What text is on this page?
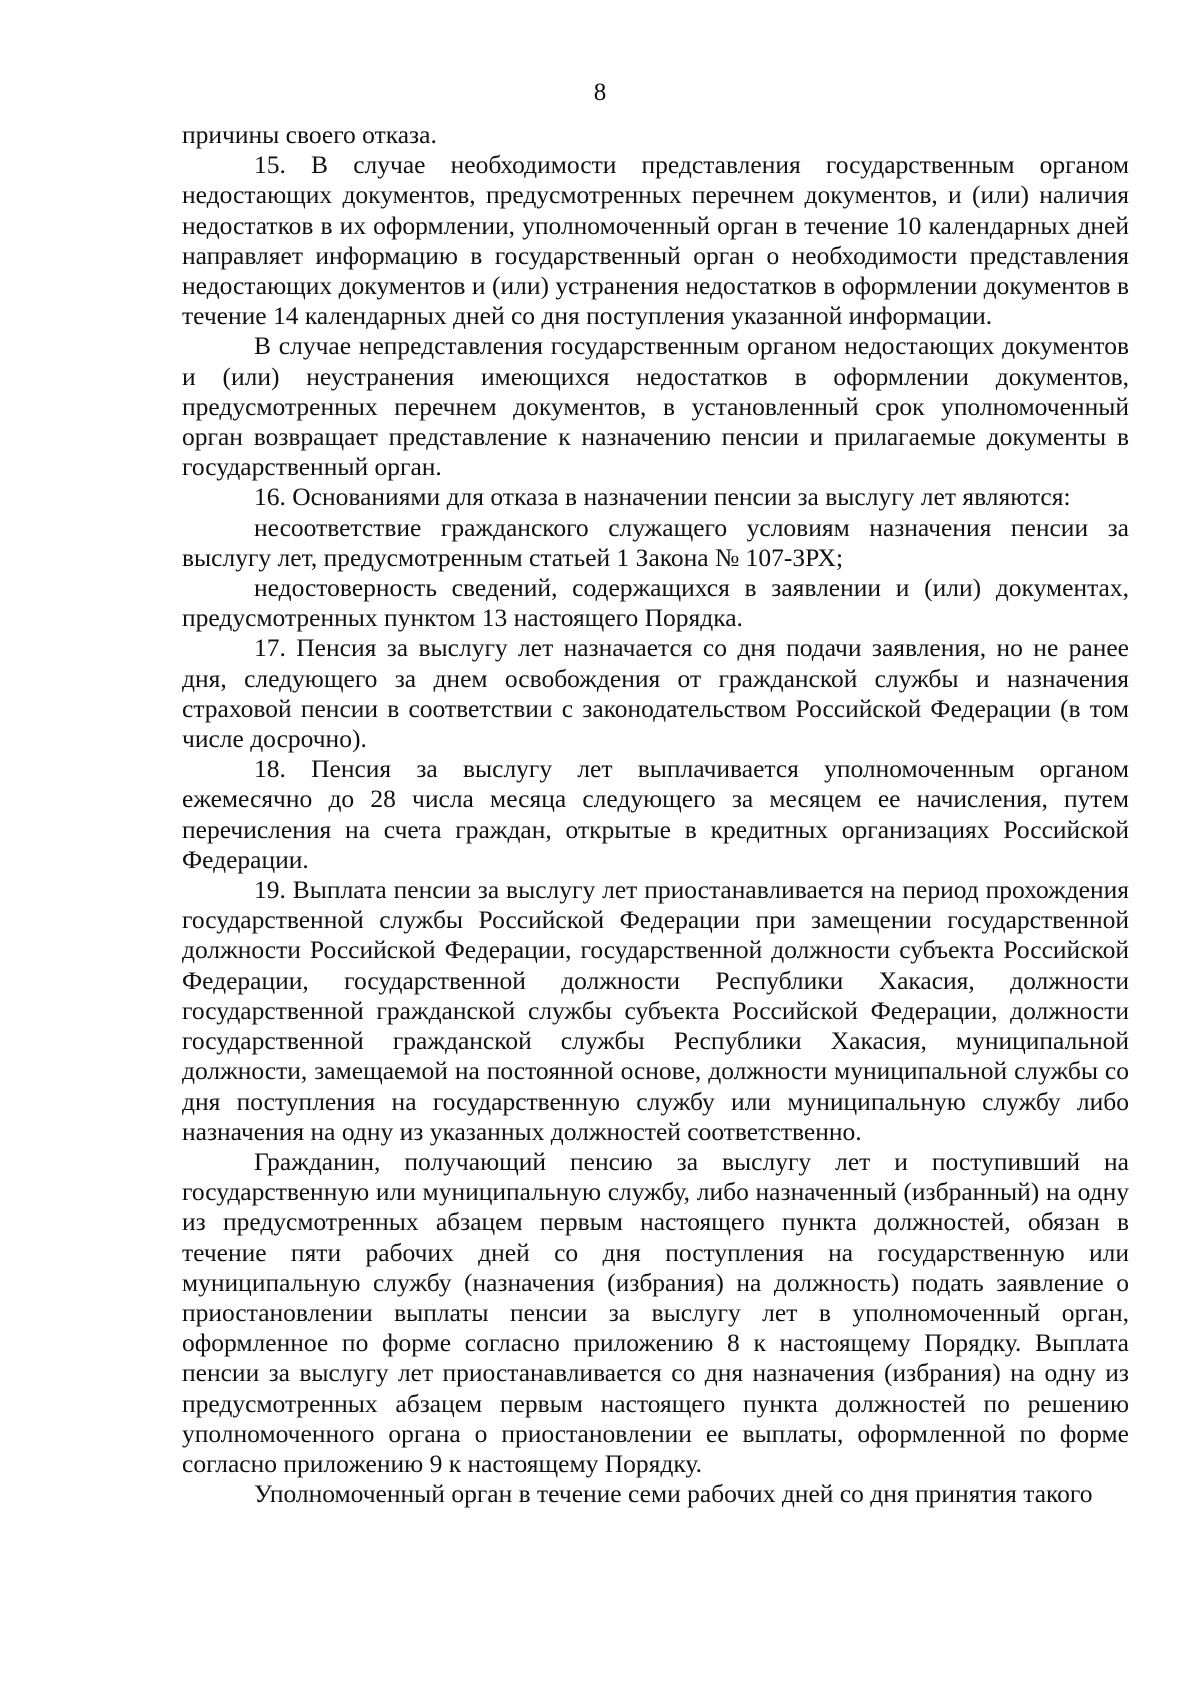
8

причины своего отказа.

15. В случае необходимости представления государственным органом недостающих документов, предусмотренных перечнем документов, и (или) наличия недостатков в их оформлении, уполномоченный орган в течение 10 календарных дней направляет информацию в государственный орган о необходимости представления недостающих документов и (или) устранения недостатков в оформлении документов в течение 14 календарных дней со дня поступления указанной информации.

В случае непредставления государственным органом недостающих документов и (или) неустранения имеющихся недостатков в оформлении документов, предусмотренных перечнем документов, в установленный срок уполномоченный орган возвращает представление к назначению пенсии и прилагаемые документы в государственный орган.

16. Основаниями для отказа в назначении пенсии за выслугу лет являются:

несоответствие гражданского служащего условиям назначения пенсии за выслугу лет, предусмотренным статьей 1 Закона № 107-ЗРХ;

недостоверность сведений, содержащихся в заявлении и (или) документах, предусмотренных пунктом 13 настоящего Порядка.

17. Пенсия за выслугу лет назначается со дня подачи заявления, но не ранее дня, следующего за днем освобождения от гражданской службы и назначения страховой пенсии в соответствии с законодательством Российской Федерации (в том числе досрочно).

18. Пенсия за выслугу лет выплачивается уполномоченным органом ежемесячно до 28 числа месяца следующего за месяцем ее начисления, путем перечисления на счета граждан, открытые в кредитных организациях Российской Федерации.

19. Выплата пенсии за выслугу лет приостанавливается на период прохождения государственной службы Российской Федерации при замещении государственной должности Российской Федерации, государственной должности субъекта Российской Федерации, государственной должности Республики Хакасия, должности государственной гражданской службы субъекта Российской Федерации, должности государственной гражданской службы Республики Хакасия, муниципальной должности, замещаемой на постоянной основе, должности муниципальной службы со дня поступления на государственную службу или муниципальную службу либо назначения на одну из указанных должностей соответственно.

Гражданин, получающий пенсию за выслугу лет и поступивший на государственную или муниципальную службу, либо назначенный (избранный) на одну из предусмотренных абзацем первым настоящего пункта должностей, обязан в течение пяти рабочих дней со дня поступления на государственную или муниципальную службу (назначения (избрания) на должность) подать заявление о приостановлении выплаты пенсии за выслугу лет в уполномоченный орган, оформленное по форме согласно приложению 8 к настоящему Порядку. Выплата пенсии за выслугу лет приостанавливается со дня назначения (избрания) на одну из предусмотренных абзацем первым настоящего пункта должностей по решению уполномоченного органа о приостановлении ее выплаты, оформленной по форме согласно приложению 9 к настоящему Порядку.

Уполномоченный орган в течение семи рабочих дней со дня принятия такого
